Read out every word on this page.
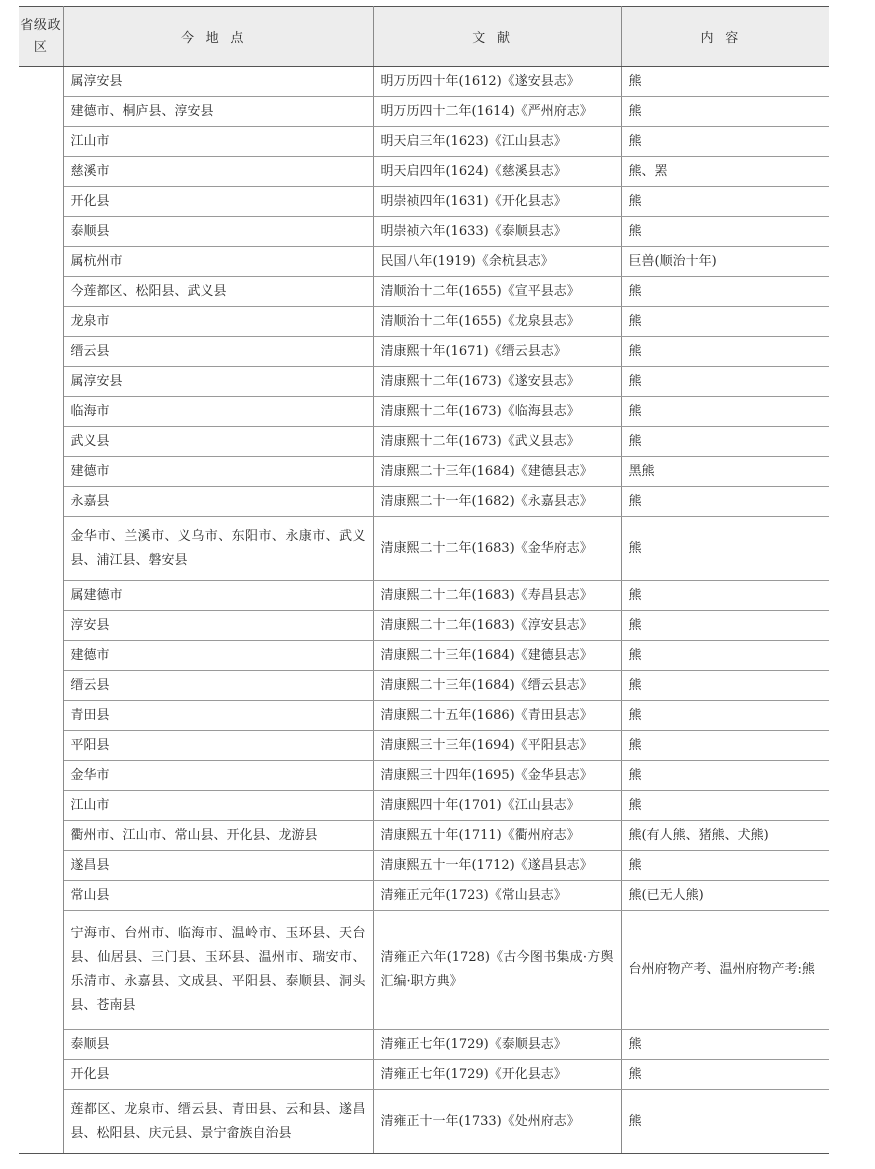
省级政区	今地点	文献	内容
	属淳安县	明万历四十年(1612)《遂安县志》	熊
	建德市、桐庐县、淳安县	明万历四十二年(1614)《严州府志》	熊
	江山市	明天启三年(1623)《江山县志》	熊
	慈溪市	明天启四年(1624)《慈溪县志》	熊、罴
	开化县	明崇祯四年(1631)《开化县志》	熊
	泰顺县	明崇祯六年(1633)《泰顺县志》	熊
	属杭州市	民国八年(1919)《余杭县志》	巨兽(顺治十年)
	今莲都区、松阳县、武义县	清顺治十二年(1655)《宣平县志》	熊
	龙泉市	清顺治十二年(1655)《龙泉县志》	熊
	缙云县	清康熙十年(1671)《缙云县志》	熊
	属淳安县	清康熙十二年(1673)《遂安县志》	熊
	临海市	清康熙十二年(1673)《临海县志》	熊
	武义县	清康熙十二年(1673)《武义县志》	熊
	建德市	清康熙二十三年(1684)《建德县志》	黑熊
	永嘉县	清康熙二十一年(1682)《永嘉县志》	熊
	金华市、兰溪市、义乌市、东阳市、永康市、武义县、浦江县、磐安县	清康熙二十二年(1683)《金华府志》	熊
	属建德市	清康熙二十二年(1683)《寿昌县志》	熊
	淳安县	清康熙二十二年(1683)《淳安县志》	熊
	建德市	清康熙二十三年(1684)《建德县志》	熊
	缙云县	清康熙二十三年(1684)《缙云县志》	熊
	青田县	清康熙二十五年(1686)《青田县志》	熊
	平阳县	清康熙三十三年(1694)《平阳县志》	熊
	金华市	清康熙三十四年(1695)《金华县志》	熊
	江山市	清康熙四十年(1701)《江山县志》	熊
	衢州市、江山市、常山县、开化县、龙游县	清康熙五十年(1711)《衢州府志》	熊(有人熊、猪熊、犬熊)
	遂昌县	清康熙五十一年(1712)《遂昌县志》	熊
	常山县	清雍正元年(1723)《常山县志》	熊(已无人熊)
	宁海市、台州市、临海市、温岭市、玉环县、天台县、仙居县、三门县、玉环县、温州市、瑞安市、乐清市、永嘉县、文成县、平阳县、泰顺县、洞头县、苍南县	清雍正六年(1728)《古今图书集成·方舆汇编·职方典》	台州府物产考、温州府物产考:熊
	泰顺县	清雍正七年(1729)《泰顺县志》	熊
	开化县	清雍正七年(1729)《开化县志》	熊
	莲都区、龙泉市、缙云县、青田县、云和县、遂昌县、松阳县、庆元县、景宁畲族自治县	清雍正十一年(1733)《处州府志》	熊
